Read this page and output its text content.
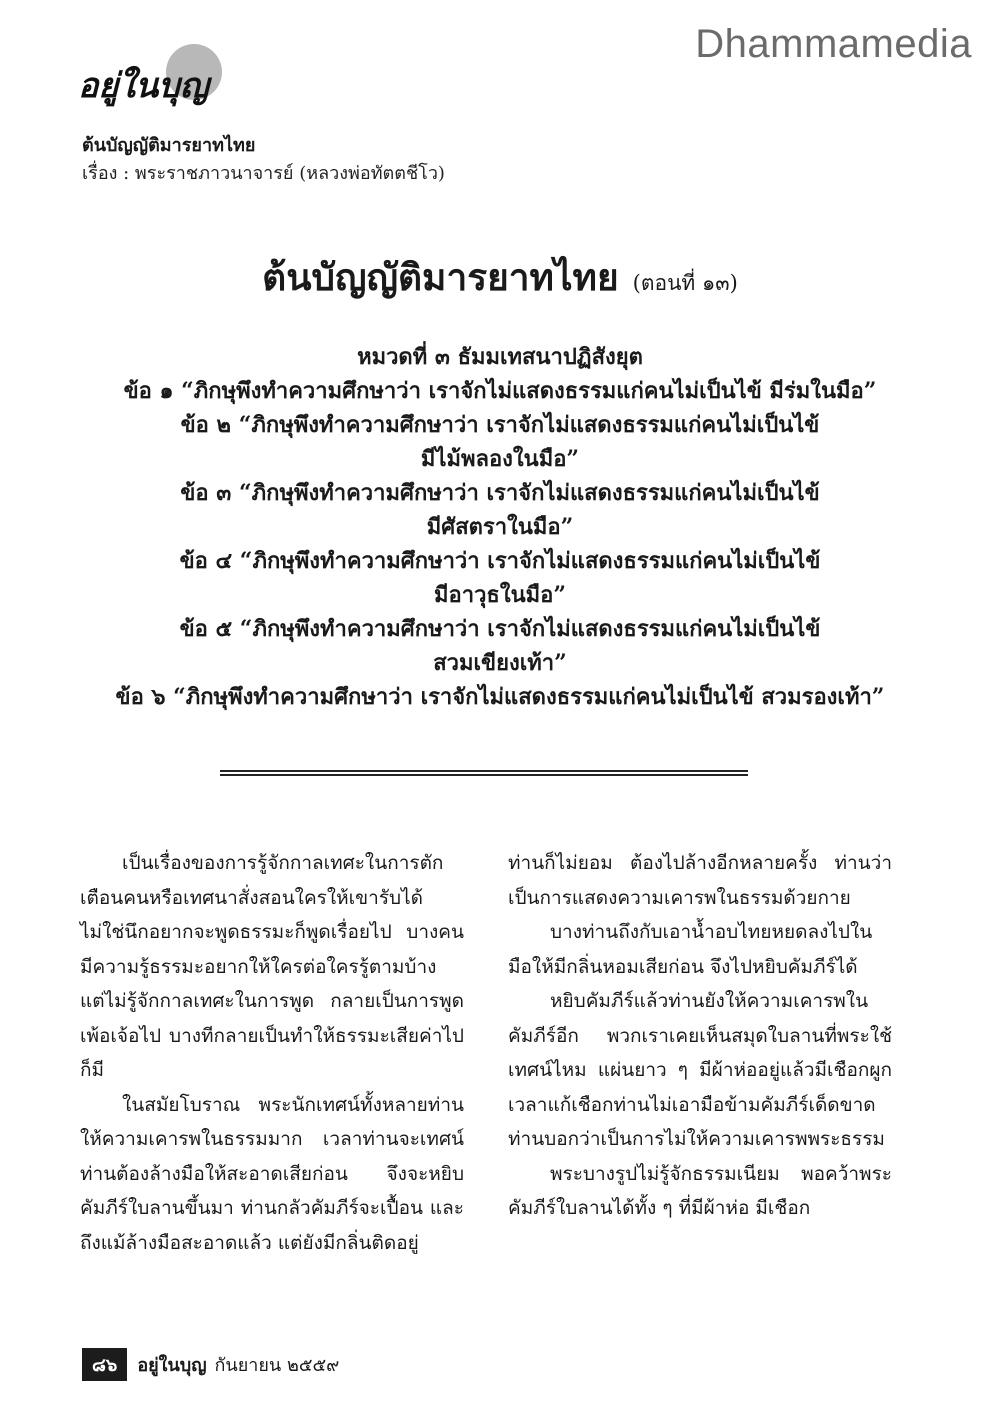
Dhammamedia
อยู่ในบุญ
ต้นบัญญัติมารยาทไทย
เรื่อง : พระราชภาวนาจารย์ (หลวงพ่อทัตตชีโว)
ต้นบัญญัติมารยาทไทย (ตอนที่ ๑๓)
หมวดที่ ๓ ธัมมเทสนาปฏิสังยุต
ข้อ ๑ “ภิกษุพึงทำความศึกษาว่า เราจักไม่แสดงธรรมแก่คนไม่เป็นไข้ มีร่มในมือ”
ข้อ ๒ “ภิกษุพึงทำความศึกษาว่า เราจักไม่แสดงธรรมแก่คนไม่เป็นไข้
มีไม้พลองในมือ”
ข้อ ๓ “ภิกษุพึงทำความศึกษาว่า เราจักไม่แสดงธรรมแก่คนไม่เป็นไข้
มีศัสตราในมือ”
ข้อ ๔ “ภิกษุพึงทำความศึกษาว่า เราจักไม่แสดงธรรมแก่คนไม่เป็นไข้
มีอาวุธในมือ”
ข้อ ๕ “ภิกษุพึงทำความศึกษาว่า เราจักไม่แสดงธรรมแก่คนไม่เป็นไข้
สวมเขียงเท้า”
ข้อ ๖ “ภิกษุพึงทำความศึกษาว่า เราจักไม่แสดงธรรมแก่คนไม่เป็นไข้ สวมรองเท้า”

เป็นเรื่องของการรู้จักกาลเทศะในการตักเตือนคนหรือเทศนาสั่งสอนใครให้เขารับได้ ไม่ใช่นึกอยากจะพูดธรรมะก็พูดเรื่อยไป บางคนมีความรู้ธรรมะอยากให้ใครต่อใครรู้ตามบ้าง แต่ไม่รู้จักกาลเทศะในการพูด กลายเป็นการพูดเพ้อเจ้อไป บางทีกลายเป็นทำให้ธรรมะเสียค่าไปก็มี

ในสมัยโบราณ พระนักเทศน์ทั้งหลายท่านให้ความเคารพในธรรมมาก เวลาท่านจะเทศน์ ท่านต้องล้างมือให้สะอาดเสียก่อน จึงจะหยิบคัมภีร์ใบลานขึ้นมา ท่านกลัวคัมภีร์จะเปื้อน และถึงแม้ล้างมือสะอาดแล้ว แต่ยังมีกลิ่นติดอยู่

ท่านก็ไม่ยอม ต้องไปล้างอีกหลายครั้ง ท่านว่าเป็นการแสดงความเคารพในธรรมด้วยกาย

บางท่านถึงกับเอาน้ำอบไทยหยดลงไปในมือให้มีกลิ่นหอมเสียก่อน จึงไปหยิบคัมภีร์ได้

หยิบคัมภีร์แล้วท่านยังให้ความเคารพในคัมภีร์อีก พวกเราเคยเห็นสมุดใบลานที่พระใช้เทศน์ไหม แผ่นยาว ๆ มีผ้าห่ออยู่แล้วมีเชือกผูก เวลาแก้เชือกท่านไม่เอามือข้ามคัมภีร์เด็ดขาด ท่านบอกว่าเป็นการไม่ให้ความเคารพพระธรรม

พระบางรูปไม่รู้จักธรรมเนียม พอคว้าพระคัมภีร์ใบลานได้ทั้ง ๆ ที่มีผ้าห่อ มีเชือก

๘๖	อยู่ในบุญ กันยายน ๒๕๕๙
